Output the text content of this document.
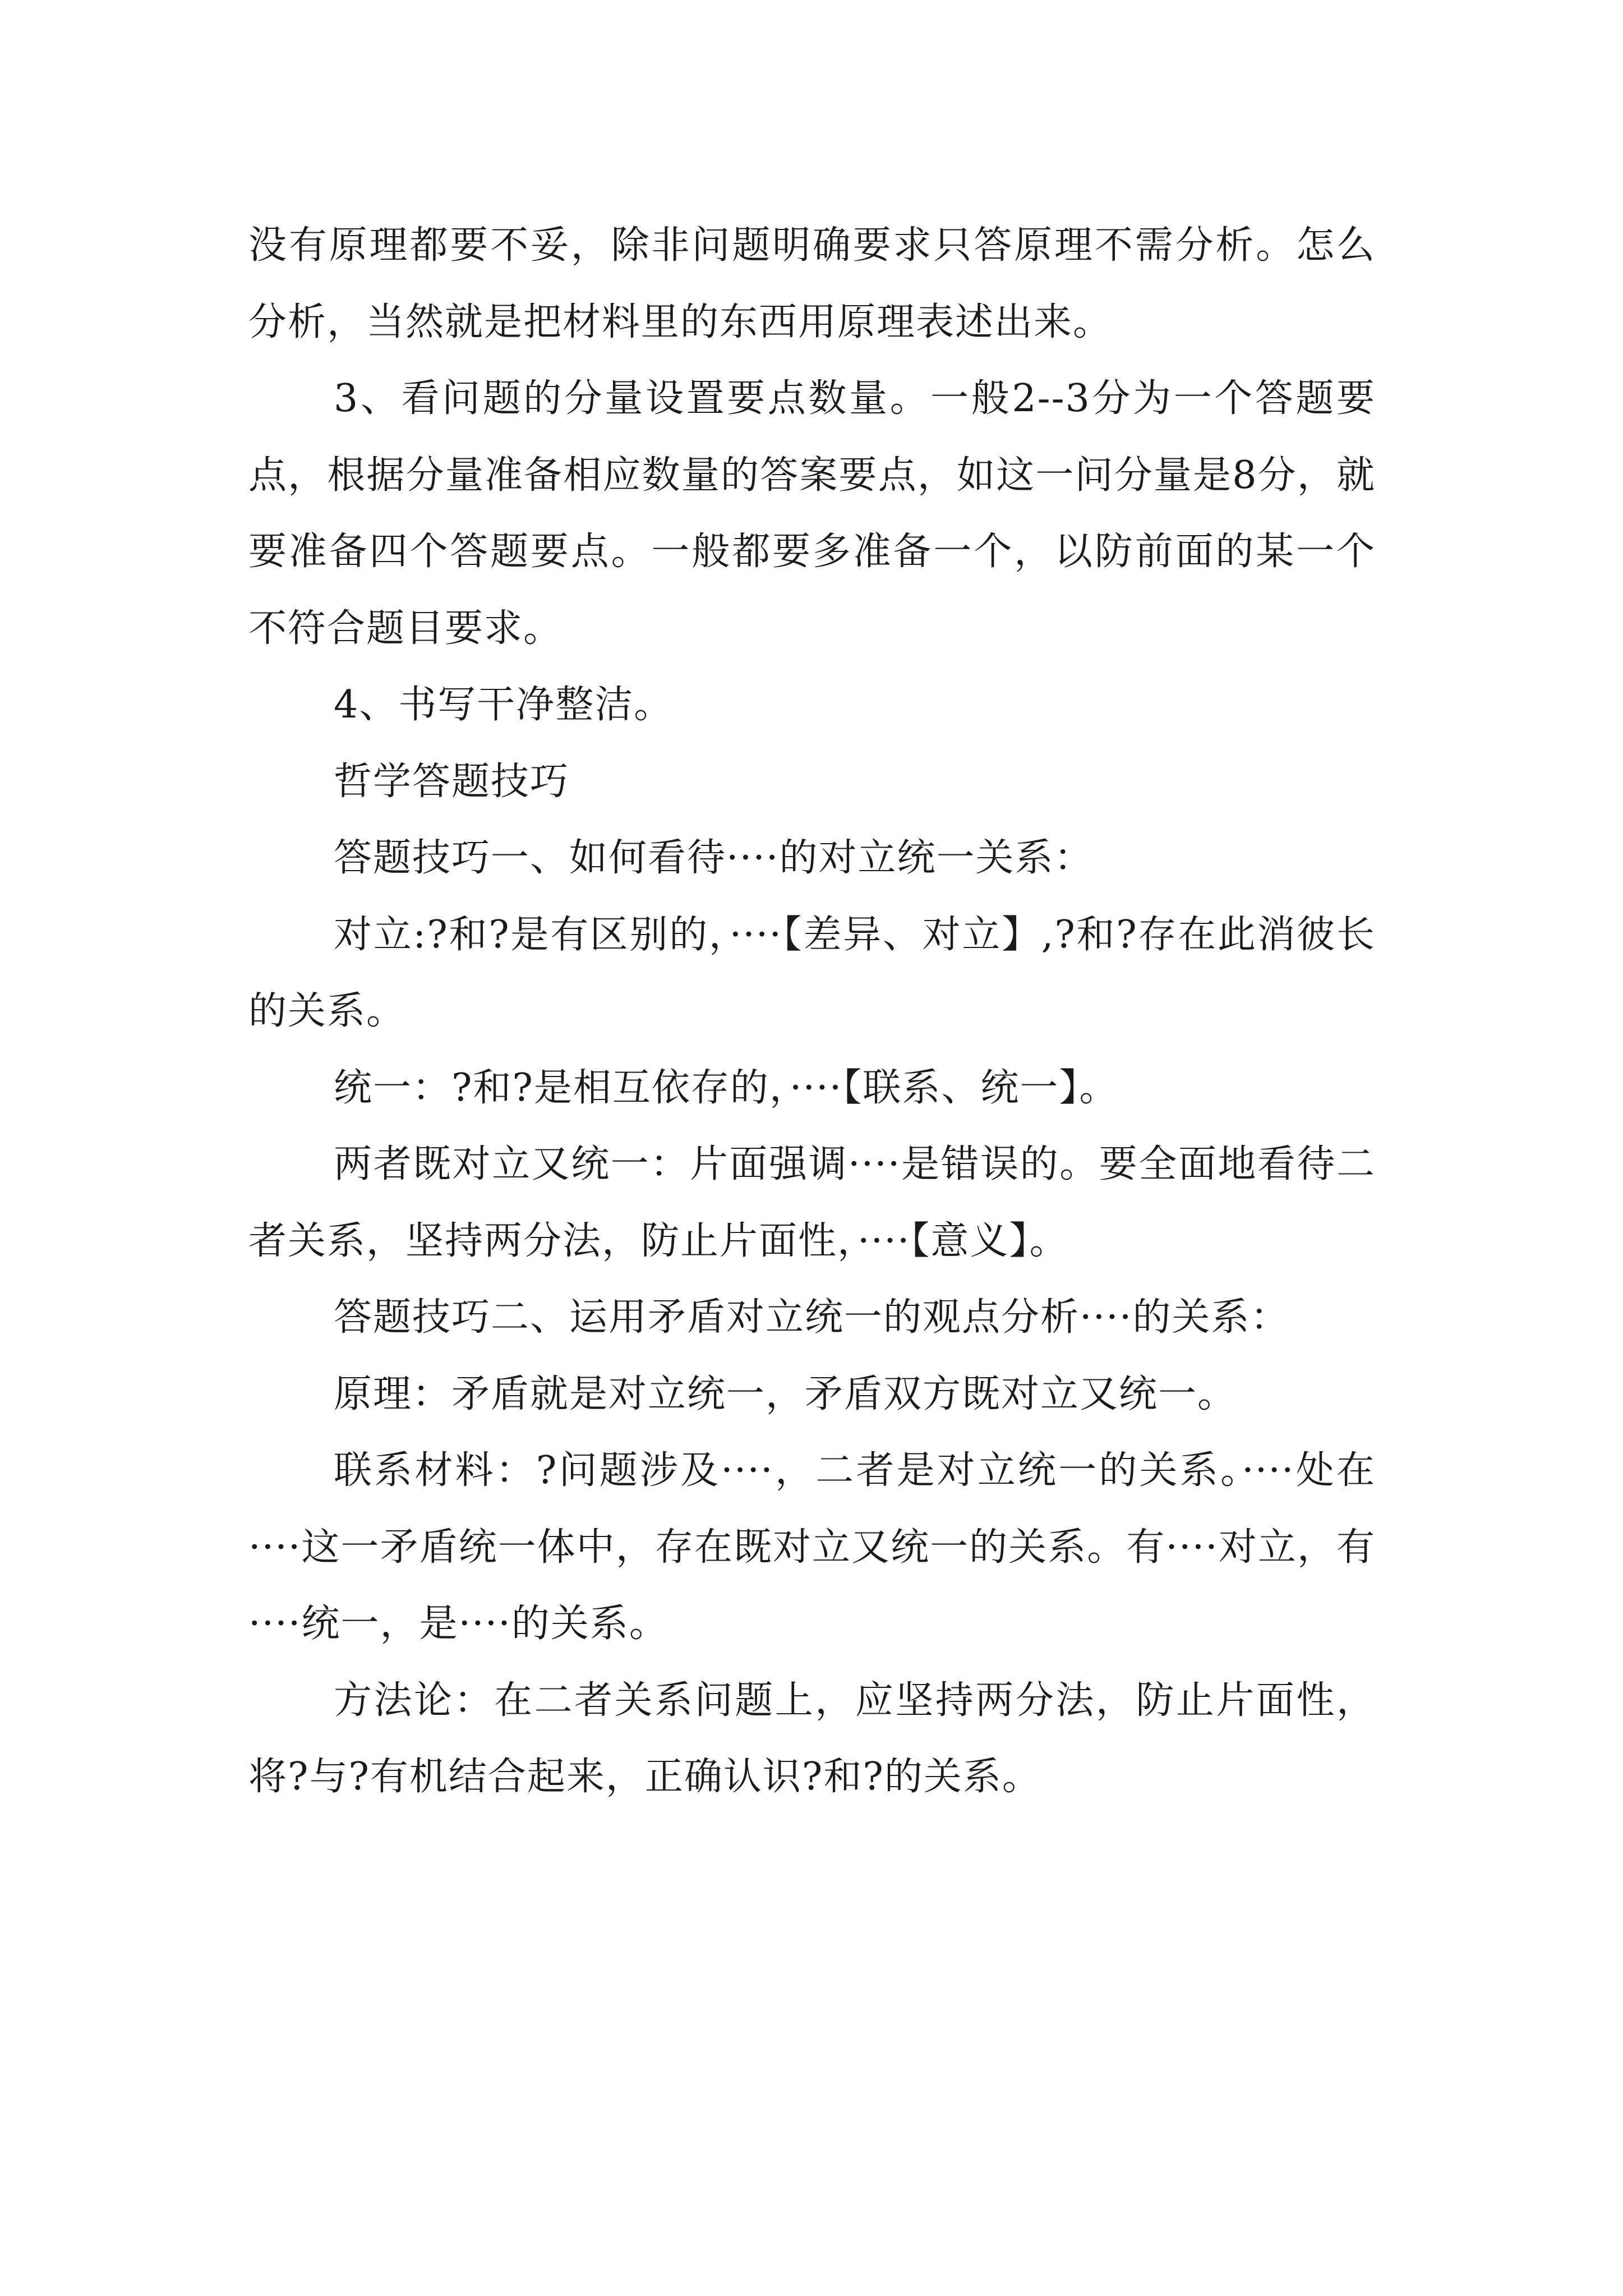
没有原理都要不妥，除非问题明确要求只答原理不需分析。怎么分析，当然就是把材料里的东西用原理表述出来。

3、看问题的分量设置要点数量。一般2--3分为一个答题要点，根据分量准备相应数量的答案要点，如这一问分量是8分，就要准备四个答题要点。一般都要多准备一个，以防前面的某一个不符合题目要求。

4、书写干净整洁。

哲学答题技巧

答题技巧一、如何看待····的对立统一关系：

对立:?和?是有区别的，····【差异、对立】,?和?存在此消彼长的关系。

统一：?和?是相互依存的，····【联系、统一】。

两者既对立又统一：片面强调····是错误的。要全面地看待二者关系，坚持两分法，防止片面性，····【意义】。

答题技巧二、运用矛盾对立统一的观点分析····的关系：

原理：矛盾就是对立统一，矛盾双方既对立又统一。

联系材料：?问题涉及····，二者是对立统一的关系。····处在····这一矛盾统一体中，存在既对立又统一的关系。有····对立，有····统一，是····的关系。

方法论：在二者关系问题上，应坚持两分法，防止片面性，将?与?有机结合起来，正确认识?和?的关系。
